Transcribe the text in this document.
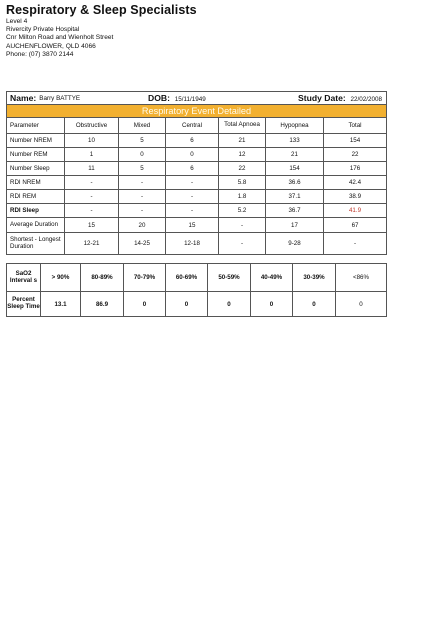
Respiratory & Sleep Specialists
Level 4
Rivercity Private Hospital
Cnr Milton Road and Wienholt Street
AUCHENFLOWER, QLD 4066
Phone: (07) 3870 2144
Name: Barry BATTYE DOB: 15/11/1949 Study Date: 22/02/2008						

Respiratory Event Detailed						
Parameter	Obstructive	Mixed	Central	Total Apnoea	Hypopnea	Total
Number NREM	10	5	6	21	133	154
Number REM	1	0	0	12	21	22
Number Sleep	11	5	6	22	154	176
RDI NREM	-	-	-	5.8	36.6	42.4
RDI REM	-	-	-	1.8	37.1	38.9
RDI Sleep	-	-	-	5.2	36.7	41.9
Average Duration	15	20	15	-	17	67
Shortest - Longest Duration	12-21	14-25	12-18	-	9-28	-
SaO2 Interval s	> 90%	80-89%	70-79%	60-69%	50-59%	40-49%	30-39%	<86%
Percent Sleep Time	13.1	86.9	0	0	0	0	0	0
